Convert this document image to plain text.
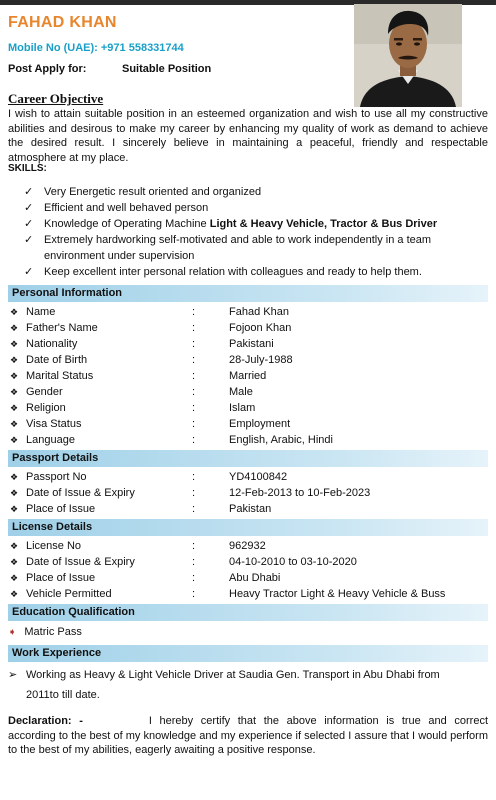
FAHAD KHAN
Mobile No (UAE): +971 558331744
Post Apply for:	Suitable Position
Career Objective
I wish to attain suitable position in an esteemed organization and wish to use all my constructive abilities and desirous to make my career by enhancing my quality of work as demand to achieve the desired result. I sincerely believe in maintaining a peaceful, friendly and respectable atmosphere at my place.
SKILLS:
✓ Very Energetic result oriented and organized
✓ Efficient and well behaved person
✓ Knowledge of Operating Machine Light & Heavy Vehicle, Tractor & Bus Driver
✓ Extremely hardworking self-motivated and able to work independently in a team environment under supervision
✓ Keep excellent inter personal relation with colleagues and ready to help them.
Personal Information
❖ Name	:	Fahad Khan
❖ Father's Name	:	Fojoon Khan
❖ Nationality	:	Pakistani
❖ Date of Birth	:	28-July-1988
❖ Marital Status	:	Married
❖ Gender	:	Male
❖ Religion	:	Islam
❖ Visa Status	:	Employment
❖ Language	:	English, Arabic, Hindi
Passport Details
❖ Passport No	:	YD4100842
❖ Date of Issue & Expiry	:	12-Feb-2013 to 10-Feb-2023
❖ Place of Issue	:	Pakistan
License Details
❖ License No	:	962932
❖ Date of Issue & Expiry	:	04-10-2010 to 03-10-2020
❖ Place of Issue	:	Abu Dhabi
❖ Vehicle Permitted	:	Heavy Tractor Light & Heavy Vehicle & Buss
Education Qualification
➧ Matric Pass
Work Experience
➢ Working as Heavy & Light Vehicle Driver at Saudia Gen. Transport in Abu Dhabi from
2011to till date.
Declaration: -	I hereby certify that the above information is true and correct according to the best of my knowledge and my experience if selected I assure that I would perform to the best of my abilities, eagerly awaiting a positive response.
